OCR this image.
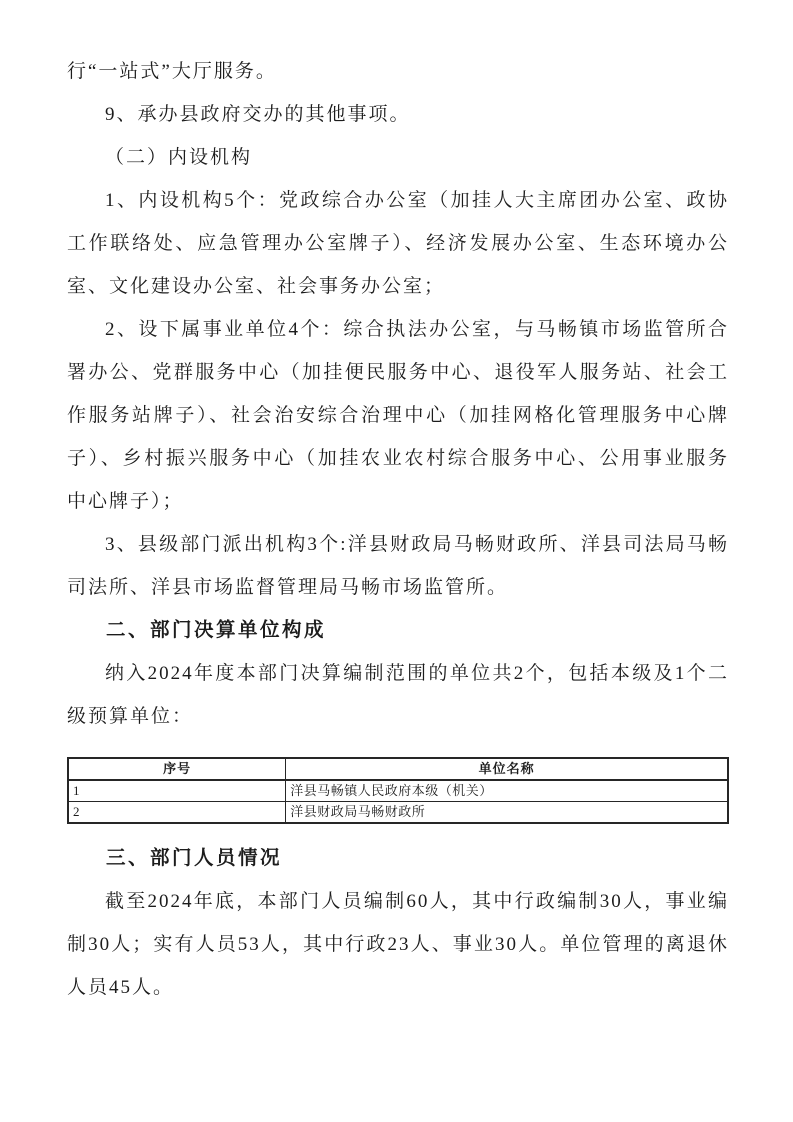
行“一站式”大厅服务。

9、承办县政府交办的其他事项。

（二）内设机构

1、内设机构5个：党政综合办公室（加挂人大主席团办公室、政协工作联络处、应急管理办公室牌子）、经济发展办公室、生态环境办公室、文化建设办公室、社会事务办公室；

2、设下属事业单位4个：综合执法办公室，与马畅镇市场监管所合署办公、党群服务中心（加挂便民服务中心、退役军人服务站、社会工作服务站牌子）、社会治安综合治理中心（加挂网格化管理服务中心牌子）、乡村振兴服务中心（加挂农业农村综合服务中心、公用事业服务中心牌子）；

3、县级部门派出机构3个:洋县财政局马畅财政所、洋县司法局马畅司法所、洋县市场监督管理局马畅市场监管所。

二、部门决算单位构成

纳入2024年度本部门决算编制范围的单位共2个，包括本级及1个二级预算单位：

序号	单位名称
1	洋县马畅镇人民政府本级（机关）
2	洋县财政局马畅财政所

三、部门人员情况

截至2024年底，本部门人员编制60人，其中行政编制30人，事业编制30人；实有人员53人，其中行政23人、事业30人。单位管理的离退休人员45人。
